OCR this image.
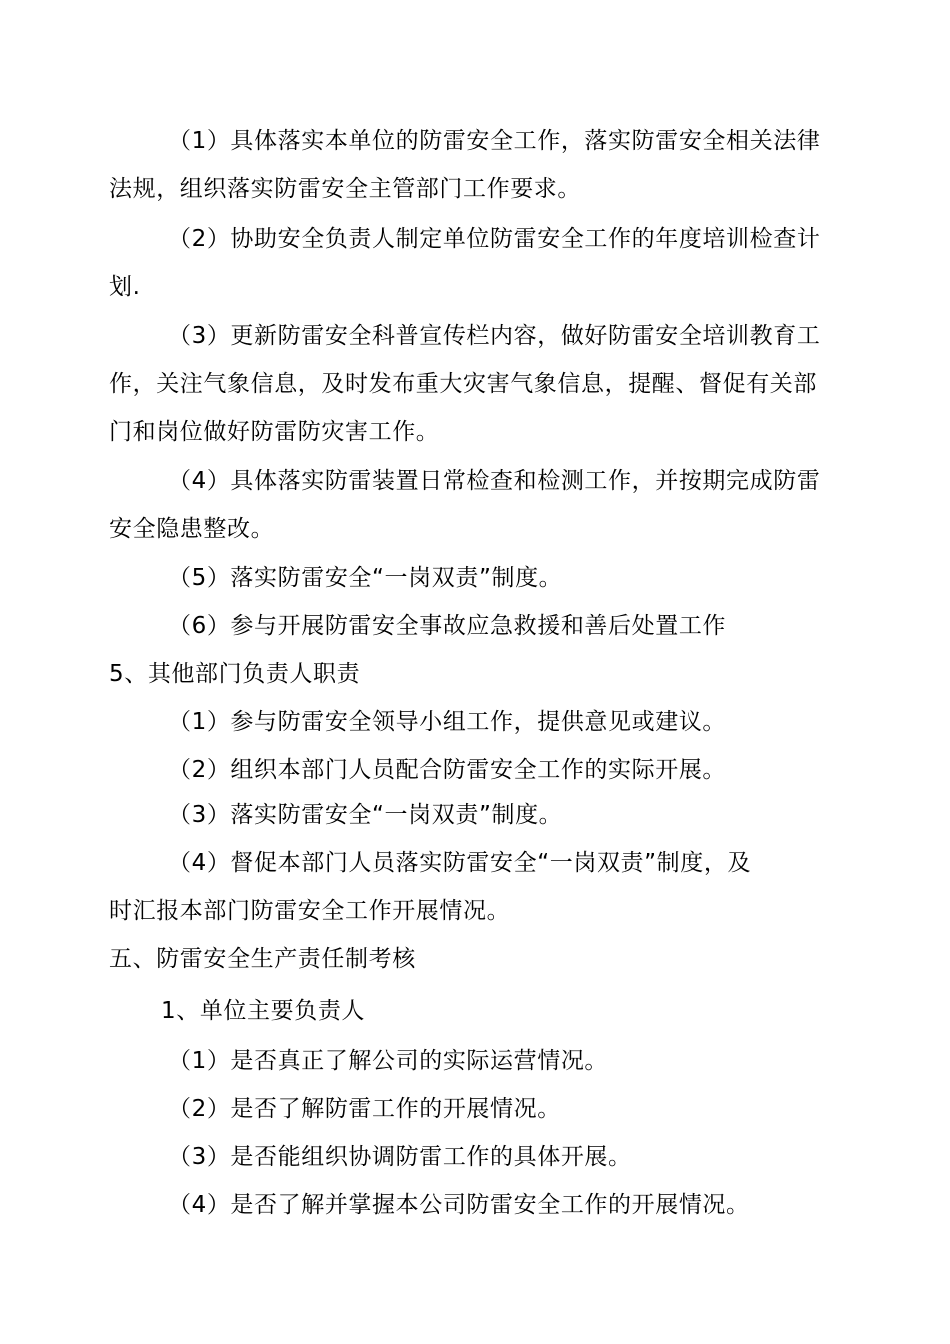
（1）具体落实本单位的防雷安全工作，落实防雷安全相关法律
法规，组织落实防雷安全主管部门工作要求。
（2）协助安全负责人制定单位防雷安全工作的年度培训检查计
划.
（3）更新防雷安全科普宣传栏内容，做好防雷安全培训教育工
作，关注气象信息，及时发布重大灾害气象信息，提醒、督促有关部
门和岗位做好防雷防灾害工作。
（4）具体落实防雷装置日常检查和检测工作，并按期完成防雷
安全隐患整改。
（5）落实防雷安全“一岗双责”制度。
（6）参与开展防雷安全事故应急救援和善后处置工作
5、其他部门负责人职责
（1）参与防雷安全领导小组工作，提供意见或建议。
（2）组织本部门人员配合防雷安全工作的实际开展。
（3）落实防雷安全“一岗双责”制度。
（4）督促本部门人员落实防雷安全“一岗双责”制度，及
时汇报本部门防雷安全工作开展情况。
五、防雷安全生产责任制考核
1、单位主要负责人
（1）是否真正了解公司的实际运营情况。
（2）是否了解防雷工作的开展情况。
（3）是否能组织协调防雷工作的具体开展。
（4）是否了解并掌握本公司防雷安全工作的开展情况。
